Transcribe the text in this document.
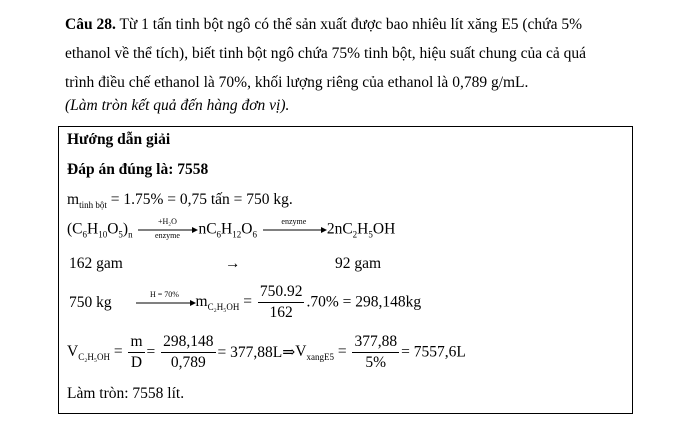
Câu 28. Từ 1 tấn tinh bột ngô có thể sản xuất được bao nhiêu lít xăng E5 (chứa 5%
ethanol về thể tích), biết tinh bột ngô chứa 75% tinh bột, hiệu suất chung của cả quá
trình điều chế ethanol là 70%, khối lượng riêng của ethanol là 0,789 g/mL.
(Làm tròn kết quả đến hàng đơn vị).
Hướng dẫn giải
Đáp án đúng là: 7558
$m_{tinh bột} = 1.75\% = 0,75$ tấn = 750 kg.
$(C_6H_{10}O_5)_n$
+H₂O
enzyme	$nC_6H_{12}O_6$
enzyme	$2nC_2H_5OH$
162 gam	→	92 gam
750 kg	H = 70%	$m_{C_2H_5OH} = \frac{750.92}{162} .70\% = 298,148kg$
$V_{C_2H_5OH} = \frac{m}{D} = \frac{298,148}{0,789}$ = $377,88L\Rightarrow V_{xangE5} = \frac{377,88}{5\%} = 7557,6L$
Làm tròn: 7558 lít.
